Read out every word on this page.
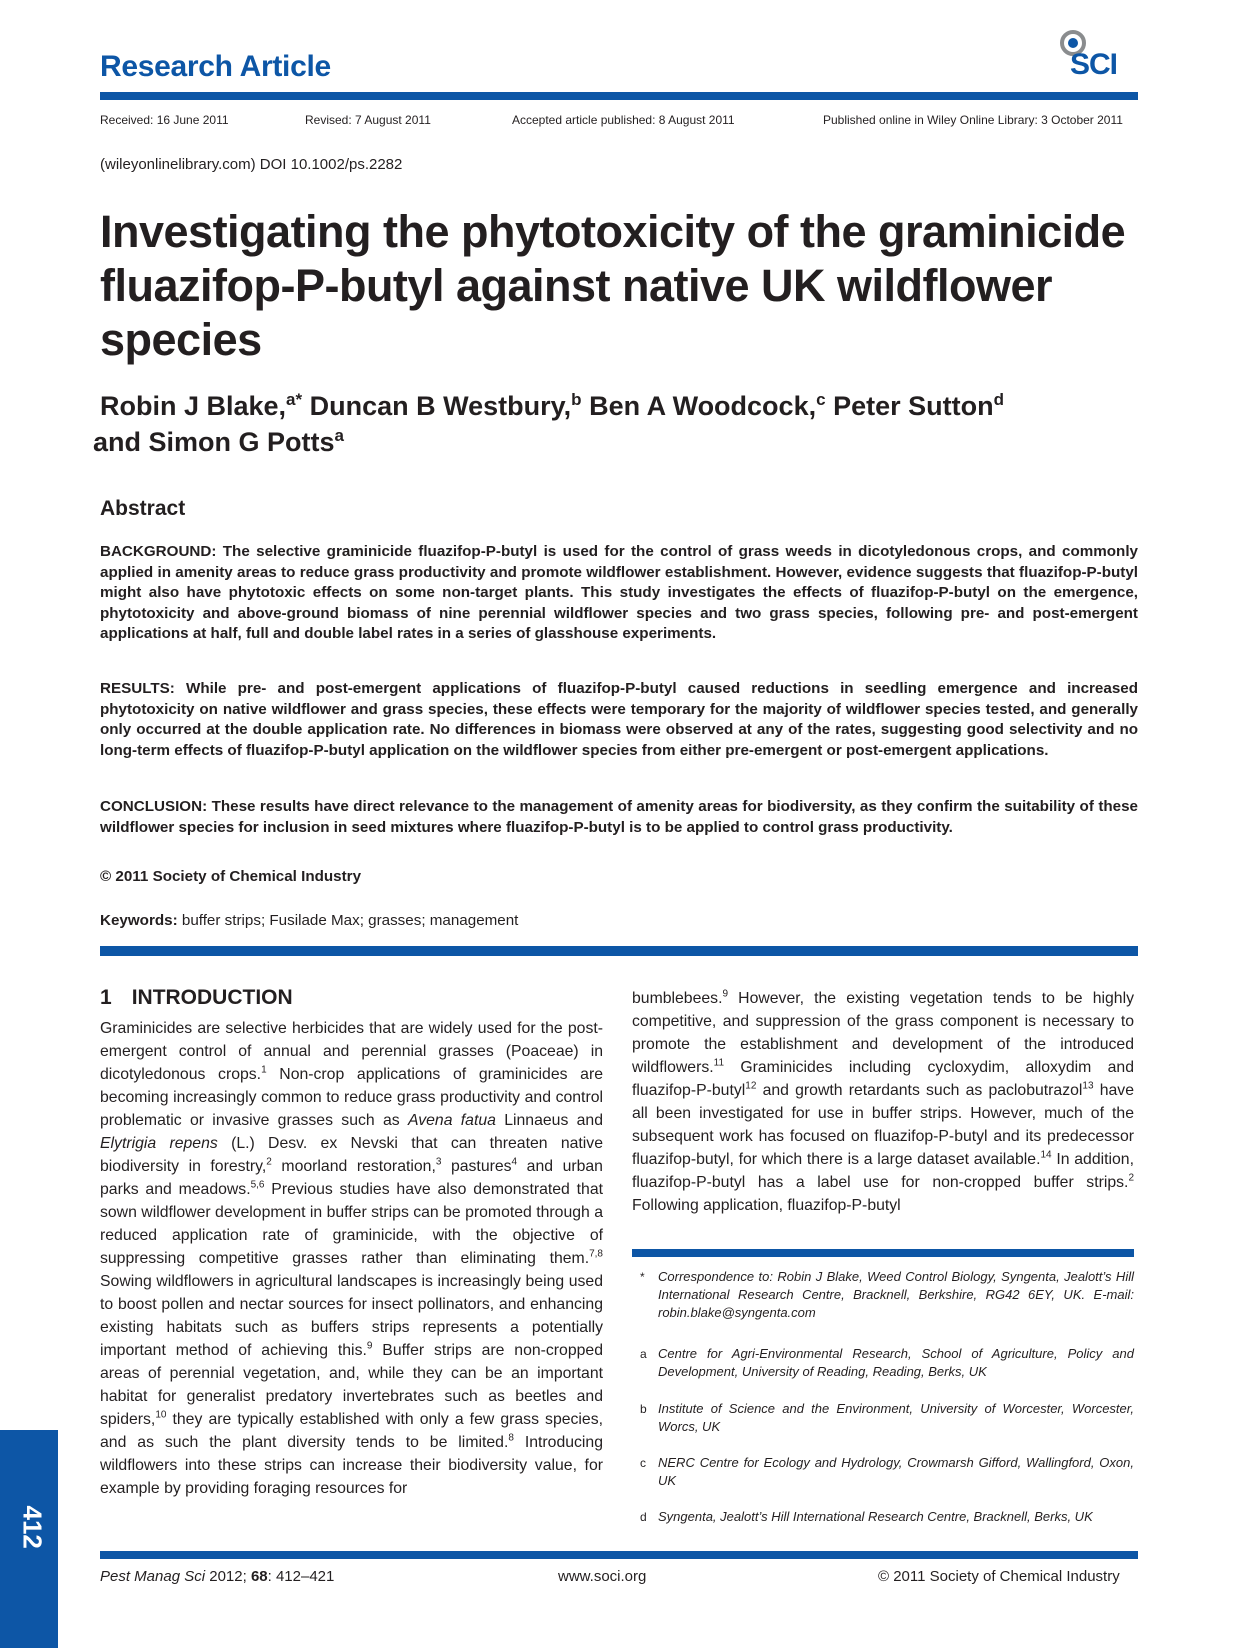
Research Article	SCI
Received: 16 June 2011	Revised: 7 August 2011	Accepted article published: 8 August 2011	Published online in Wiley Online Library: 3 October 2011
(wileyonlinelibrary.com) DOI 10.1002/ps.2282
Investigating the phytotoxicity of the graminicide fluazifop-P-butyl against native UK wildflower species

Robin J Blake,$^{a*}$ Duncan B Westbury,$^b$ Ben A Woodcock,$^c$ Peter Sutton$^d$
and Simon G Potts$^a$

Abstract

BACKGROUND: The selective graminicide fluazifop-P-butyl is used for the control of grass weeds in dicotyledonous crops, and commonly applied in amenity areas to reduce grass productivity and promote wildflower establishment. However, evidence suggests that fluazifop-P-butyl might also have phytotoxic effects on some non-target plants. This study investigates the effects of fluazifop-P-butyl on the emergence, phytotoxicity and above-ground biomass of nine perennial wildflower species and two grass species, following pre- and post-emergent applications at half, full and double label rates in a series of glasshouse experiments.

RESULTS: While pre- and post-emergent applications of fluazifop-P-butyl caused reductions in seedling emergence and increased phytotoxicity on native wildflower and grass species, these effects were temporary for the majority of wildflower species tested, and generally only occurred at the double application rate. No differences in biomass were observed at any of the rates, suggesting good selectivity and no long-term effects of fluazifop-P-butyl application on the wildflower species from either pre-emergent or post-emergent applications.

CONCLUSION: These results have direct relevance to the management of amenity areas for biodiversity, as they confirm the suitability of these wildflower species for inclusion in seed mixtures where fluazifop-P-butyl is to be applied to control grass productivity.

© 2011 Society of Chemical Industry
Keywords: buffer strips; Fusilade Max; grasses; management
1 INTRODUCTION

Graminicides are selective herbicides that are widely used for the post-emergent control of annual and perennial grasses (Poaceae) in dicotyledonous crops.$^1$ Non-crop applications of graminicides are becoming increasingly common to reduce grass productivity and control problematic or invasive grasses such as Avena fatua Linnaeus and Elytrigia repens (L.) Desv. ex Nevski that can threaten native biodiversity in forestry,$^2$ moorland restoration,$^3$ pastures$^4$ and urban parks and meadows.$^{5,6}$ Previous studies have also demonstrated that sown wildflower development in buffer strips can be promoted through a reduced application rate of graminicide, with the objective of suppressing competitive grasses rather than eliminating them.$^{7,8}$ Sowing wildflowers in agricultural landscapes is increasingly being used to boost pollen and nectar sources for insect pollinators, and enhancing existing habitats such as buffers strips represents a potentially important method of achieving this.$^9$ Buffer strips are non-cropped areas of perennial vegetation, and, while they can be an important habitat for generalist predatory invertebrates such as beetles and spiders,$^{10}$ they are typically established with only a few grass species, and as such the plant diversity tends to be limited.$^8$ Introducing wildflowers into these strips can increase their biodiversity value, for example by providing foraging resources for

bumblebees.$^9$ However, the existing vegetation tends to be highly competitive, and suppression of the grass component is necessary to promote the establishment and development of the introduced wildflowers.$^{11}$ Graminicides including cycloxydim, alloxydim and fluazifop-P-butyl$^{12}$ and growth retardants such as paclobutrazol$^{13}$ have all been investigated for use in buffer strips. However, much of the subsequent work has focused on fluazifop-P-butyl and its predecessor fluazifop-butyl, for which there is a large dataset available.$^{14}$ In addition, fluazifop-P-butyl has a label use for non-cropped buffer strips.$^2$ Following application, fluazifop-P-butyl

* Correspondence to: Robin J Blake, Weed Control Biology, Syngenta, Jealott’s Hill International Research Centre, Bracknell, Berkshire, RG42 6EY, UK. E-mail: robin.blake@syngenta.com
a Centre for Agri-Environmental Research, School of Agriculture, Policy and Development, University of Reading, Reading, Berks, UK
b Institute of Science and the Environment, University of Worcester, Worcester, Worcs, UK
c NERC Centre for Ecology and Hydrology, Crowmarsh Gifford, Wallingford, Oxon, UK
d Syngenta, Jealott’s Hill International Research Centre, Bracknell, Berks, UK
412
Pest Manag Sci 2012; 68: 412–421	www.soci.org	© 2011 Society of Chemical Industry
